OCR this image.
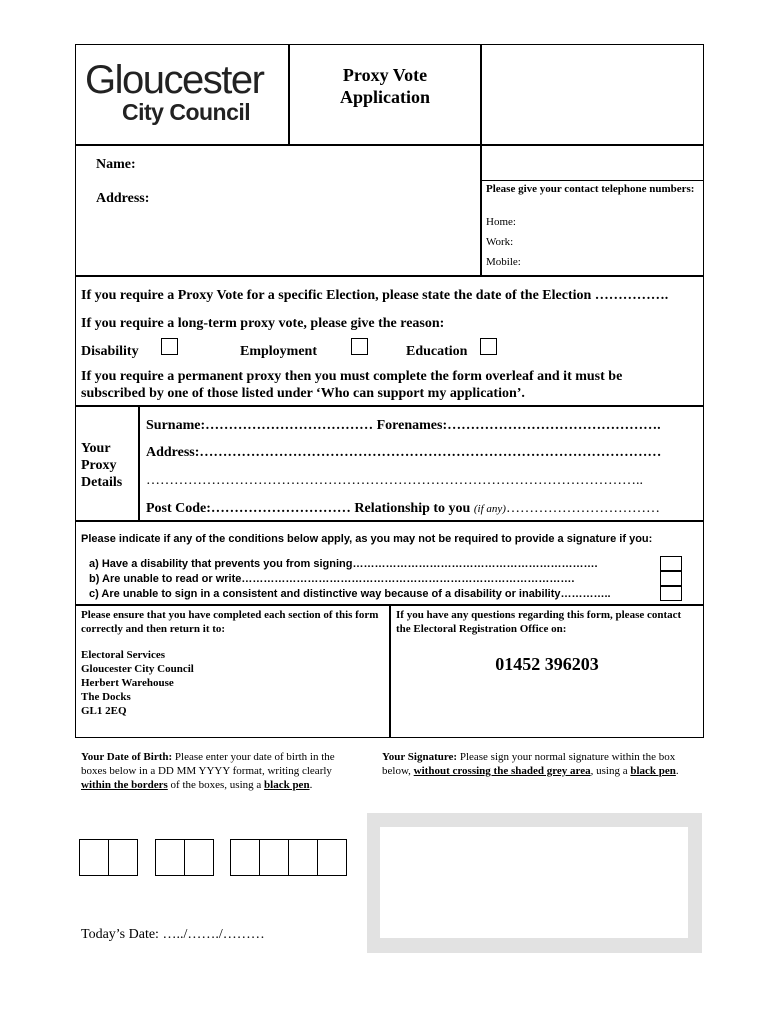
Gloucester
City Council
Proxy Vote
Application
Name:
Address:
Please give your contact telephone numbers:
Home:
Work:
Mobile:
If you require a Proxy Vote for a specific Election, please state the date of the Election …………….
If you require a long-term proxy vote, please give the reason:
Disability	Employment	Education
If you require a permanent proxy then you must complete the form overleaf and it must be subscribed by one of those listed under ‘Who can support my application’.
Your
Proxy
Details
Surname:……………………………… Forenames:……………………………………….
Address:………………………………………………………………………………………
……………………………………………………………………………………………..
Post Code:………………………… Relationship to you (if any)……………………………
Please indicate if any of the conditions below apply, as you may not be required to provide a signature if you:
a) Have a disability that prevents you from signing………………………………………………………….
b) Are unable to read or write……………………………………………………………………………….
c) Are unable to sign in a consistent and distinctive way because of a disability or inability…………..
Please ensure that you have completed each section of this form correctly and then return it to:
Electoral Services
Gloucester City Council
Herbert Warehouse
The Docks
GL1 2EQ
If you have any questions regarding this form, please contact the Electoral Registration Office on:
01452 396203
Your Date of Birth: Please enter your date of birth in the boxes below in a DD MM YYYY format, writing clearly within the borders of the boxes, using a black pen.
Today’s Date: …../……./………
Your Signature: Please sign your normal signature within the box below, without crossing the shaded grey area, using a black pen.
